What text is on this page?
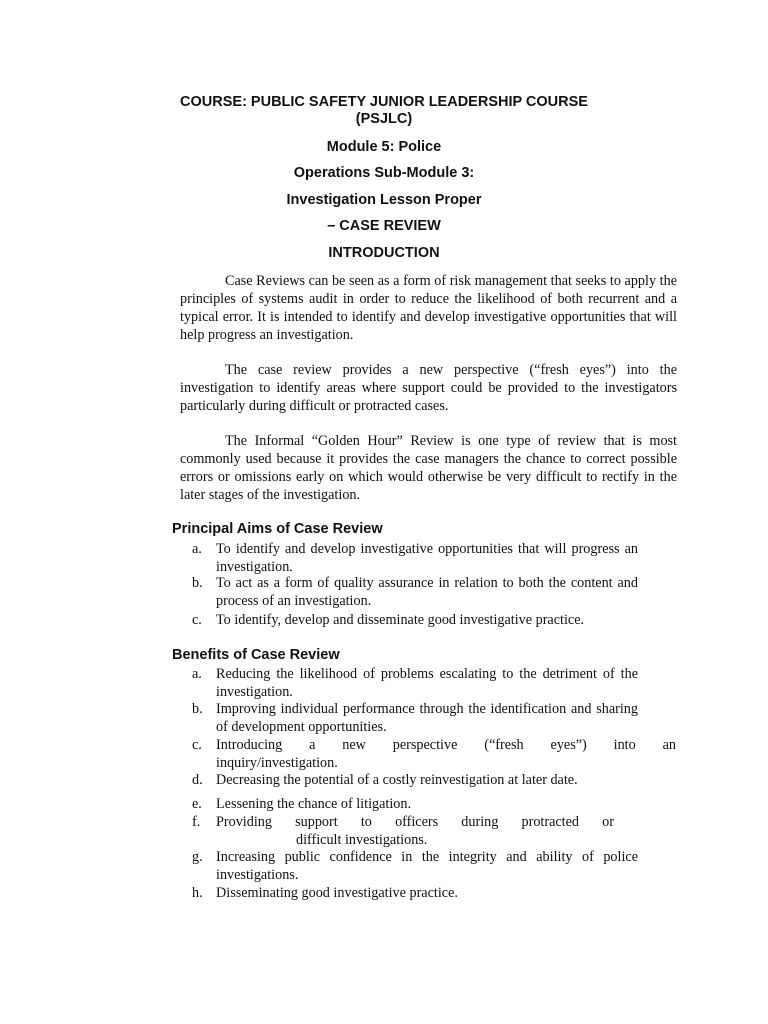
COURSE: PUBLIC SAFETY JUNIOR LEADERSHIP COURSE
(PSJLC)

Module 5: Police

Operations Sub-Module 3:

Investigation Lesson Proper

– CASE REVIEW

INTRODUCTION

Case Reviews can be seen as a form of risk management that seeks to apply the principles of systems audit in order to reduce the likelihood of both recurrent and a typical error. It is intended to identify and develop investigative opportunities that will help progress an investigation.

The case review provides a new perspective (“fresh eyes”) into the investigation to identify areas where support could be provided to the investigators particularly during difficult or protracted cases.

The Informal “Golden Hour” Review is one type of review that is most commonly used because it provides the case managers the chance to correct possible errors or omissions early on which would otherwise be very difficult to rectify in the later stages of the investigation.

Principal Aims of Case Review

a. To identify and develop investigative opportunities that will progress an investigation.
b. To act as a form of quality assurance in relation to both the content and process of an investigation.
c. To identify, develop and disseminate good investigative practice.

Benefits of Case Review

a. Reducing the likelihood of problems escalating to the detriment of the investigation.
b. Improving individual performance through the identification and sharing of development opportunities.
c. Introducing a new perspective (“fresh eyes”) into an
inquiry/investigation.
d. Decreasing the potential of a costly reinvestigation at later date.
e. Lessening the chance of litigation.
f.	Providing support to officers during protracted or
difficult investigations.
g. Increasing public confidence in the integrity and ability of police investigations.
h. Disseminating good investigative practice.
